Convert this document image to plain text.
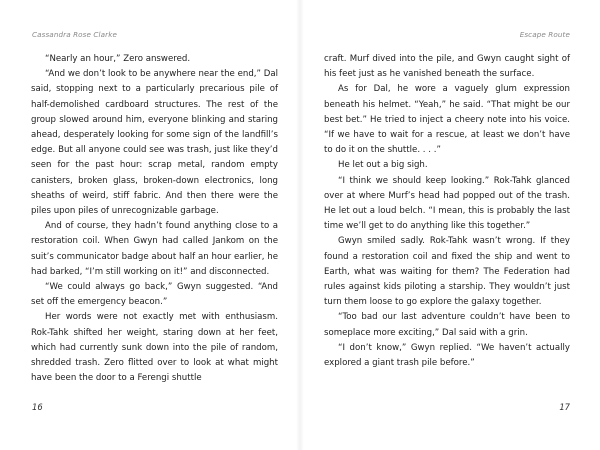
Cassandra Rose Clarke

“Nearly an hour,” Zero answered.

“And we don’t look to be anywhere near the end,” Dal said, stopping next to a particularly precarious pile of half-demolished cardboard structures. The rest of the group slowed around him, everyone blinking and staring ahead, desperately looking for some sign of the landfill’s edge. But all anyone could see was trash, just like they’d seen for the past hour: scrap metal, random empty canisters, broken glass, broken-down electronics, long sheaths of weird, stiff fabric. And then there were the piles upon piles of unrecognizable garbage.

And of course, they hadn’t found anything close to a restoration coil. When Gwyn had called Jankom on the suit’s communicator badge about half an hour earlier, he had barked, “I’m still working on it!” and disconnected.

“We could always go back,” Gwyn suggested. “And set off the emergency beacon.”

Her words were not exactly met with enthusiasm. Rok-Tahk shifted her weight, staring down at her feet, which had currently sunk down into the pile of random, shredded trash. Zero flitted over to look at what might have been the door to a Ferengi shuttle

16
Escape Route

craft. Murf dived into the pile, and Gwyn caught sight of his feet just as he vanished beneath the surface.

As for Dal, he wore a vaguely glum expression beneath his helmet. “Yeah,” he said. “That might be our best bet.” He tried to inject a cheery note into his voice. “If we have to wait for a rescue, at least we don’t have to do it on the shuttle. . . .”

He let out a big sigh.

“I think we should keep looking.” Rok-Tahk glanced over at where Murf’s head had popped out of the trash. He let out a loud belch. “I mean, this is probably the last time we’ll get to do anything like this together.”

Gwyn smiled sadly. Rok-Tahk wasn’t wrong. If they found a restoration coil and fixed the ship and went to Earth, what was waiting for them? The Federation had rules against kids piloting a starship. They wouldn’t just turn them loose to go explore the galaxy together.

“Too bad our last adventure couldn’t have been to someplace more exciting,” Dal said with a grin.

“I don’t know,” Gwyn replied. “We haven’t actually explored a giant trash pile before.”

17
